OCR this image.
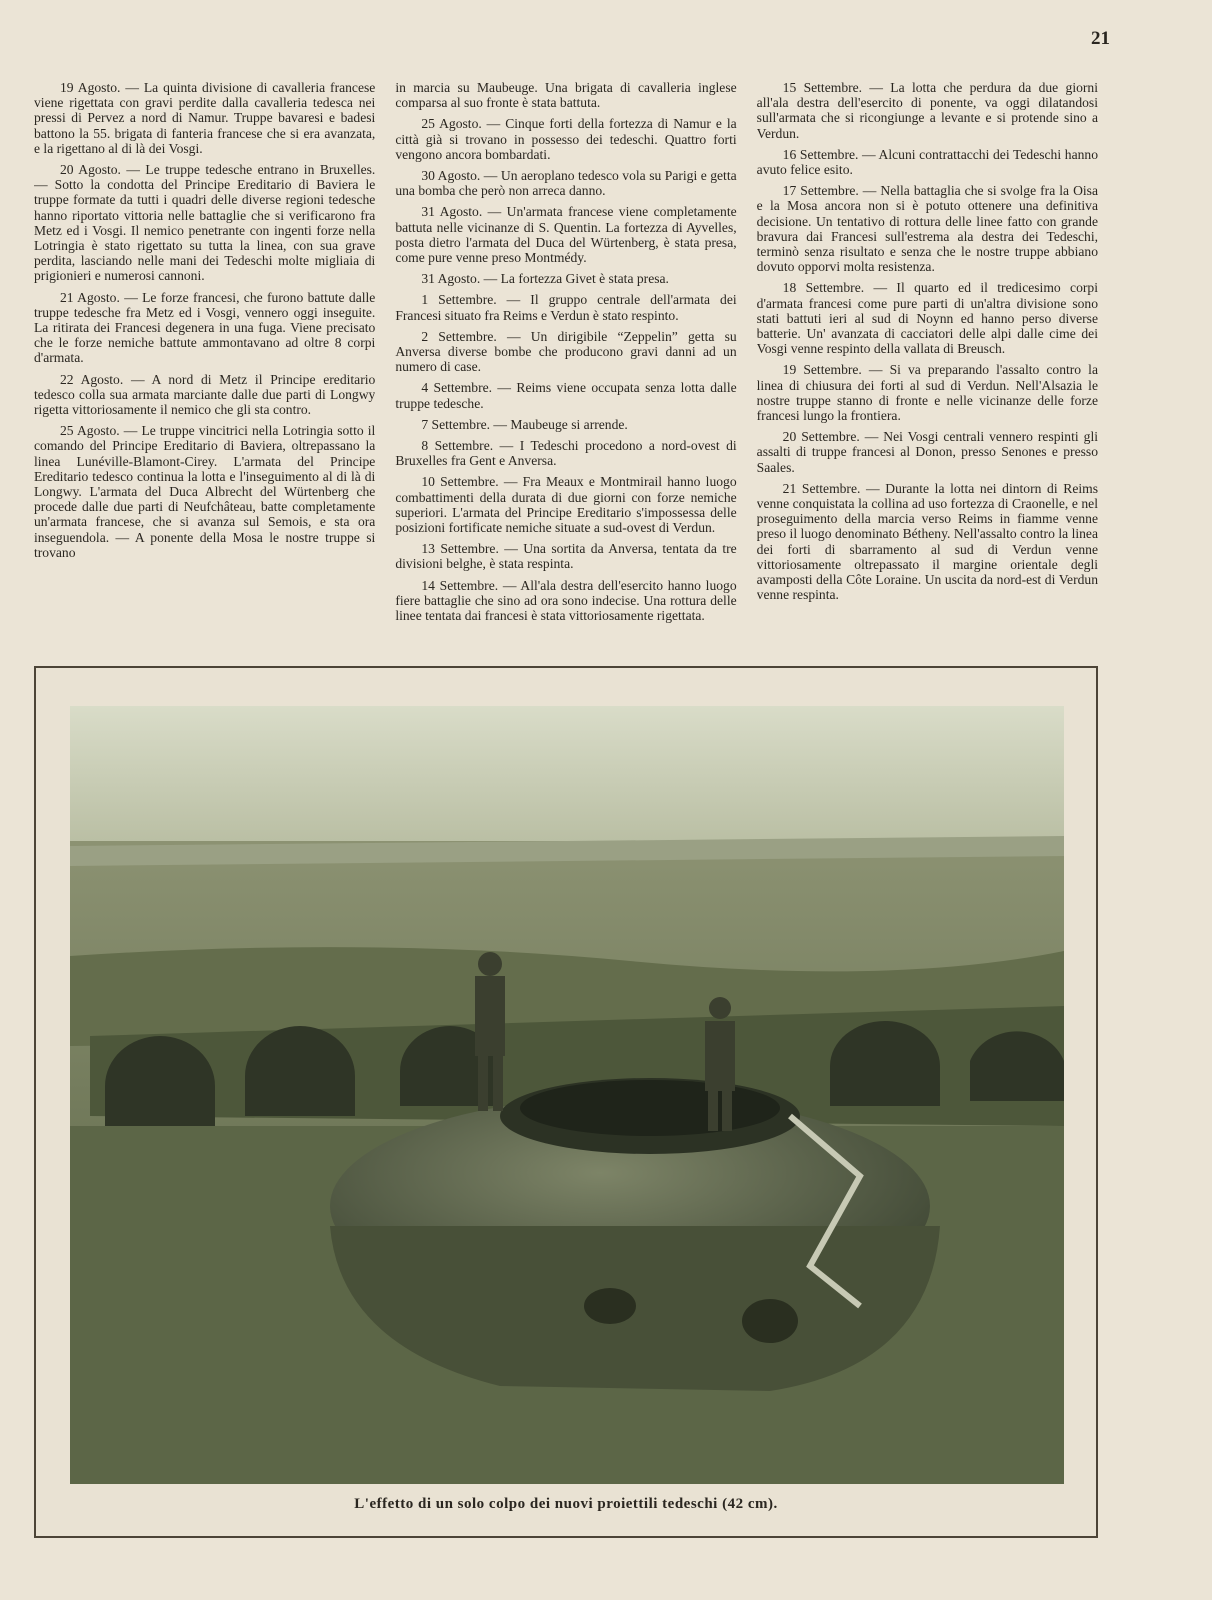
21

19 Agosto. — La quinta divisione di cavalleria francese viene rigettata con gravi perdite dalla cavalleria tedesca nei pressi di Pervez a nord di Namur. Truppe bavaresi e badesi battono la 55. brigata di fanteria francese che si era avanzata, e la rigettano al di là dei Vosgi.

20 Agosto. — Le truppe tedesche entrano in Bruxelles. — Sotto la condotta del Principe Ereditario di Baviera le truppe formate da tutti i quadri delle diverse regioni tedesche hanno riportato vittoria nelle battaglie che si verificarono fra Metz ed i Vosgi. Il nemico penetrante con ingenti forze nella Lotringia è stato rigettato su tutta la linea, con sua grave perdita, lasciando nelle mani dei Tedeschi molte migliaia di prigionieri e numerosi cannoni.

21 Agosto. — Le forze francesi, che furono battute dalle truppe tedesche fra Metz ed i Vosgi, vennero oggi inseguite. La ritirata dei Francesi degenera in una fuga. Viene precisato che le forze nemiche battute ammontavano ad oltre 8 corpi d'armata.

22 Agosto. — A nord di Metz il Principe ereditario tedesco colla sua armata marciante dalle due parti di Longwy rigetta vittoriosamente il nemico che gli sta contro.

25 Agosto. — Le truppe vincitrici nella Lotringia sotto il comando del Principe Ereditario di Baviera, oltrepassano la linea Lunéville-Blamont-Cirey. L'armata del Principe Ereditario tedesco continua la lotta e l'inseguimento al di là di Longwy. L'armata del Duca Albrecht del Würtenberg che procede dalle due parti di Neufchâteau, batte completamente un'armata francese, che si avanza sul Semois, e sta ora inseguendola. — A ponente della Mosa le nostre truppe si trovano

in marcia su Maubeuge. Una brigata di cavalleria inglese comparsa al suo fronte è stata battuta.

25 Agosto. — Cinque forti della fortezza di Namur e la città già si trovano in possesso dei tedeschi. Quattro forti vengono ancora bombardati.

30 Agosto. — Un aeroplano tedesco vola su Parigi e getta una bomba che però non arreca danno.

31 Agosto. — Un'armata francese viene completamente battuta nelle vicinanze di S. Quentin. La fortezza di Ayvelles, posta dietro l'armata del Duca del Würtenberg, è stata presa, come pure venne preso Montmédy.

31 Agosto. — La fortezza Givet è stata presa.

1 Settembre. — Il gruppo centrale dell'armata dei Francesi situato fra Reims e Verdun è stato respinto.

2 Settembre. — Un dirigibile “Zeppelin” getta su Anversa diverse bombe che producono gravi danni ad un numero di case.

4 Settembre. — Reims viene occupata senza lotta dalle truppe tedesche.

7 Settembre. — Maubeuge si arrende.

8 Settembre. — I Tedeschi procedono a nord-ovest di Bruxelles fra Gent e Anversa.

10 Settembre. — Fra Meaux e Montmirail hanno luogo combattimenti della durata di due giorni con forze nemiche superiori. L'armata del Principe Ereditario s'impossessa delle posizioni fortificate nemiche situate a sud-ovest di Verdun.

13 Settembre. — Una sortita da Anversa, tentata da tre divisioni belghe, è stata respinta.

14 Settembre. — All'ala destra dell'esercito hanno luogo fiere battaglie che sino ad ora sono indecise. Una rottura delle linee tentata dai francesi è stata vittoriosamente rigettata.

15 Settembre. — La lotta che perdura da due giorni all'ala destra dell'esercito di ponente, va oggi dilatandosi sull'armata che si ricongiunge a levante e si protende sino a Verdun.

16 Settembre. — Alcuni contrattacchi dei Tedeschi hanno avuto felice esito.

17 Settembre. — Nella battaglia che si svolge fra la Oisa e la Mosa ancora non si è potuto ottenere una definitiva decisione. Un tentativo di rottura delle linee fatto con grande bravura dai Francesi sull'estrema ala destra dei Tedeschi, terminò senza risultato e senza che le nostre truppe abbiano dovuto opporvi molta resistenza.

18 Settembre. — Il quarto ed il tredicesimo corpi d'armata francesi come pure parti di un'altra divisione sono stati battuti ieri al sud di Noynn ed hanno perso diverse batterie. Un' avanzata di cacciatori delle alpi dalle cime dei Vosgi venne respinto della vallata di Breusch.

19 Settembre. — Si va preparando l'assalto contro la linea di chiusura dei forti al sud di Verdun. Nell'Alsazia le nostre truppe stanno di fronte e nelle vicinanze delle forze francesi lungo la frontiera.

20 Settembre. — Nei Vosgi centrali vennero respinti gli assalti di truppe francesi al Donon, presso Senones e presso Saales.

21 Settembre. — Durante la lotta nei dintorn di Reims venne conquistata la collina ad uso fortezza di Craonelle, e nel proseguimento della marcia verso Reims in fiamme venne preso il luogo denominato Bétheny. Nell'assalto contro la linea dei forti di sbarramento al sud di Verdun venne vittoriosamente oltrepassato il margine orientale degli avamposti della Côte Loraine. Un uscita da nord-est di Verdun venne respinta.

L'effetto di un solo colpo dei nuovi proiettili tedeschi (42 cm).
